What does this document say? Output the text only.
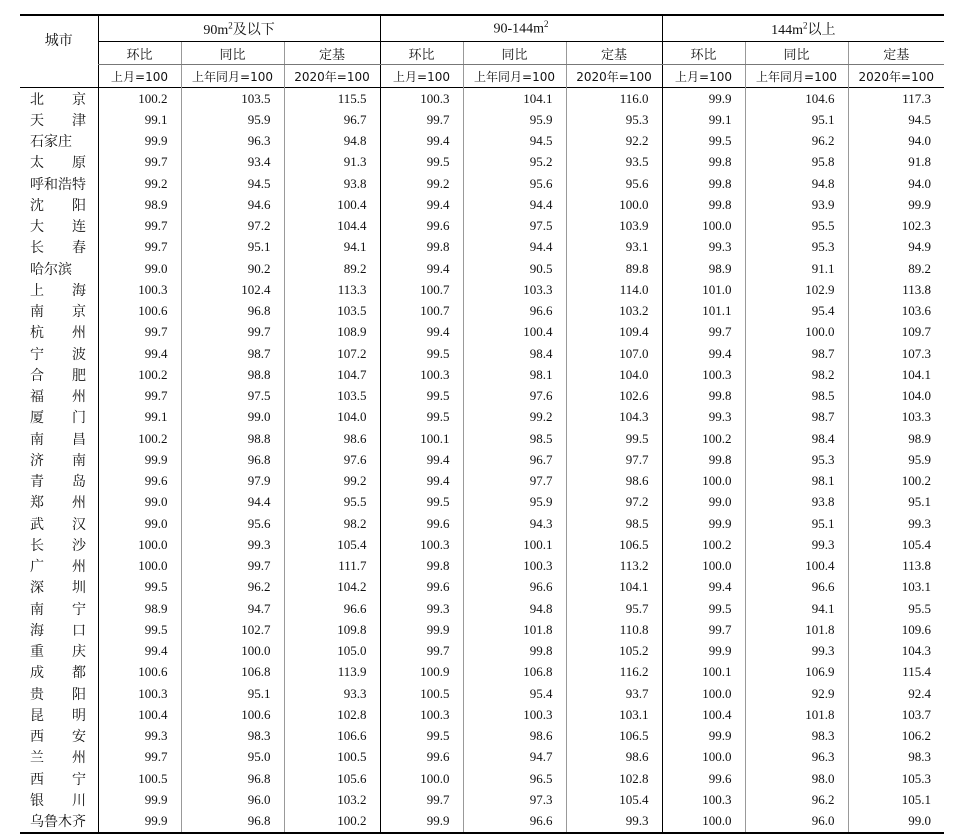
城市	$90m^2$及以下			$90-144m^2$			$144m^2$以上		
	环比	同比	定基	环比	同比	定基	环比	同比	定基
	上月=100	上年同月=100	2020年=100	上月=100	上年同月=100	2020年=100	上月=100	上年同月=100	2020年=100
北　　京	100.2	103.5	115.5	100.3	104.1	116.0	99.9	104.6	117.3
天　　津	99.1	95.9	96.7	99.7	95.9	95.3	99.1	95.1	94.5
石家庄	99.9	96.3	94.8	99.4	94.5	92.2	99.5	96.2	94.0
太　　原	99.7	93.4	91.3	99.5	95.2	93.5	99.8	95.8	91.8
呼和浩特	99.2	94.5	93.8	99.2	95.6	95.6	99.8	94.8	94.0
沈　　阳	98.9	94.6	100.4	99.4	94.4	100.0	99.8	93.9	99.9
大　　连	99.7	97.2	104.4	99.6	97.5	103.9	100.0	95.5	102.3
长　　春	99.7	95.1	94.1	99.8	94.4	93.1	99.3	95.3	94.9
哈尔滨	99.0	90.2	89.2	99.4	90.5	89.8	98.9	91.1	89.2
上　　海	100.3	102.4	113.3	100.7	103.3	114.0	101.0	102.9	113.8
南　　京	100.6	96.8	103.5	100.7	96.6	103.2	101.1	95.4	103.6
杭　　州	99.7	99.7	108.9	99.4	100.4	109.4	99.7	100.0	109.7
宁　　波	99.4	98.7	107.2	99.5	98.4	107.0	99.4	98.7	107.3
合　　肥	100.2	98.8	104.7	100.3	98.1	104.0	100.3	98.2	104.1
福　　州	99.7	97.5	103.5	99.5	97.6	102.6	99.8	98.5	104.0
厦　　门	99.1	99.0	104.0	99.5	99.2	104.3	99.3	98.7	103.3
南　　昌	100.2	98.8	98.6	100.1	98.5	99.5	100.2	98.4	98.9
济　　南	99.9	96.8	97.6	99.4	96.7	97.7	99.8	95.3	95.9
青　　岛	99.6	97.9	99.2	99.4	97.7	98.6	100.0	98.1	100.2
郑　　州	99.0	94.4	95.5	99.5	95.9	97.2	99.0	93.8	95.1
武　　汉	99.0	95.6	98.2	99.6	94.3	98.5	99.9	95.1	99.3
长　　沙	100.0	99.3	105.4	100.3	100.1	106.5	100.2	99.3	105.4
广　　州	100.0	99.7	111.7	99.8	100.3	113.2	100.0	100.4	113.8
深　　圳	99.5	96.2	104.2	99.6	96.6	104.1	99.4	96.6	103.1
南　　宁	98.9	94.7	96.6	99.3	94.8	95.7	99.5	94.1	95.5
海　　口	99.5	102.7	109.8	99.9	101.8	110.8	99.7	101.8	109.6
重　　庆	99.4	100.0	105.0	99.7	99.8	105.2	99.9	99.3	104.3
成　　都	100.6	106.8	113.9	100.9	106.8	116.2	100.1	106.9	115.4
贵　　阳	100.3	95.1	93.3	100.5	95.4	93.7	100.0	92.9	92.4
昆　　明	100.4	100.6	102.8	100.3	100.3	103.1	100.4	101.8	103.7
西　　安	99.3	98.3	106.6	99.5	98.6	106.5	99.9	98.3	106.2
兰　　州	99.7	95.0	100.5	99.6	94.7	98.6	100.0	96.3	98.3
西　　宁	100.5	96.8	105.6	100.0	96.5	102.8	99.6	98.0	105.3
银　　川	99.9	96.0	103.2	99.7	97.3	105.4	100.3	96.2	105.1
乌鲁木齐	99.9	96.8	100.2	99.9	96.6	99.3	100.0	96.0	99.0
